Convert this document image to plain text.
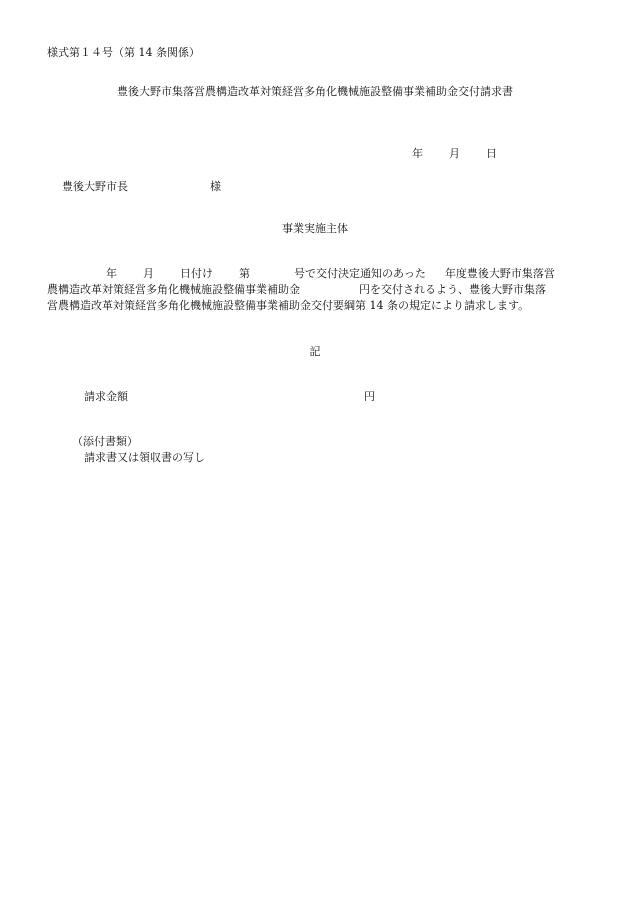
様式第１４号（第 14 条関係）
豊後大野市集落営農構造改革対策経営多角化機械施設整備事業補助金交付請求書
年 月 日
豊後大野市長	様
事業実施主体
年 月 日付け 第	号で交付決定通知のあった 年度豊後大野市集落営
農構造改革対策経営多角化機械施設整備事業補助金	円を交付されるよう、豊後大野市集落
営農構造改革対策経営多角化機械施設整備事業補助金交付要綱第 14 条の規定により請求します。
記
請求金額	円
（添付書類）
請求書又は領収書の写し
